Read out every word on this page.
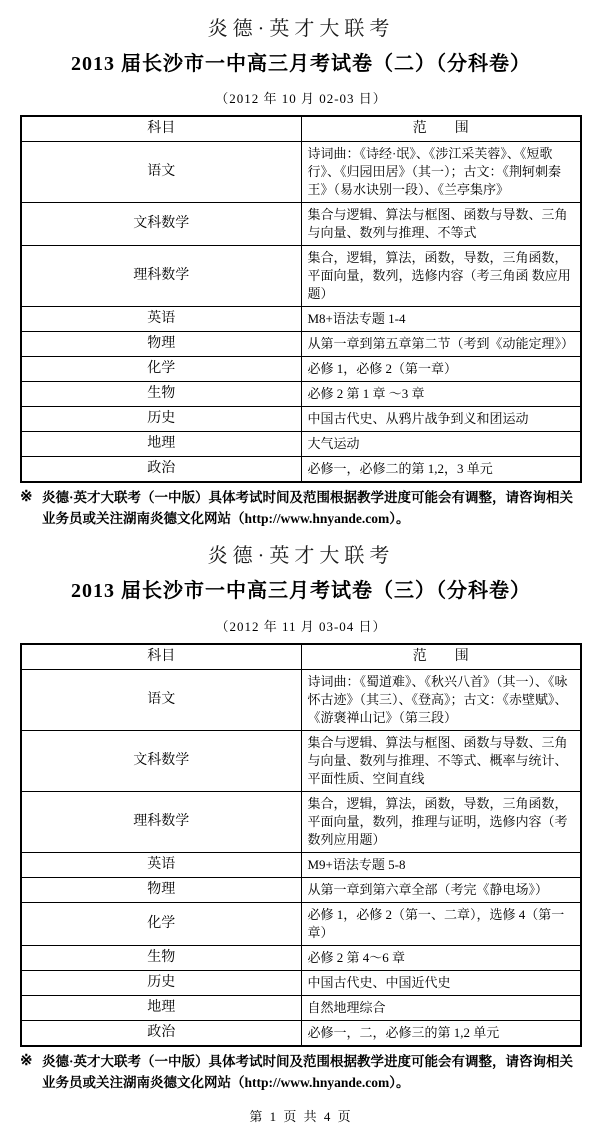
炎德·英才大联考
2013 届长沙市一中高三月考试卷（二）（分科卷）
（2012 年 10 月 02-03 日）
科目	范　　围
语文	诗词曲：《诗经·氓》、《涉江采芙蓉》、《短歌行》、《归园田居》（其一）；古文：《荆轲刺秦王》（易水诀别一段）、《兰亭集序》
文科数学	集合与逻辑、算法与框图、函数与导数、三角与向量、数列与推理、不等式
理科数学	集合，逻辑，算法，函数，导数，三角函数，平面向量，数列，选修内容（考三角函 数应用题）
英语	M8+语法专题 1-4
物理	从第一章到第五章第二节（考到《动能定理》）
化学	必修 1，必修 2（第一章）
生物	必修 2 第 1 章 ～3 章
历史	中国古代史、从鸦片战争到义和团运动
地理	大气运动
政治	必修一，必修二的第 1,2，3 单元
※ 炎德·英才大联考（一中版）具体考试时间及范围根据教学进度可能会有调整，请咨询相关业务员或关注湖南炎德文化网站（http://www.hnyande.com）。
炎德·英才大联考
2013 届长沙市一中高三月考试卷（三）（分科卷）
（2012 年 11 月 03-04 日）
科目	范　　围
语文	诗词曲：《蜀道难》、《秋兴八首》（其一）、《咏怀古迹》（其三）、《登高》；古文：《赤壁赋》、《游褒禅山记》（第三段）
文科数学	集合与逻辑、算法与框图、函数与导数、三角与向量、数列与推理、不等式、概率与统计、平面性质、空间直线
理科数学	集合，逻辑，算法，函数，导数，三角函数，平面向量，数列，推理与证明，选修内容（考数列应用题）
英语	M9+语法专题 5-8
物理	从第一章到第六章全部（考完《静电场》）
化学	必修 1，必修 2（第一、二章），选修 4（第一章）
生物	必修 2 第 4～6 章
历史	中国古代史、中国近代史
地理	自然地理综合
政治	必修一，二，必修三的第 1,2 单元
※ 炎德·英才大联考（一中版）具体考试时间及范围根据教学进度可能会有调整，请咨询相关业务员或关注湖南炎德文化网站（http://www.hnyande.com）。
第 1 页 共 4 页
